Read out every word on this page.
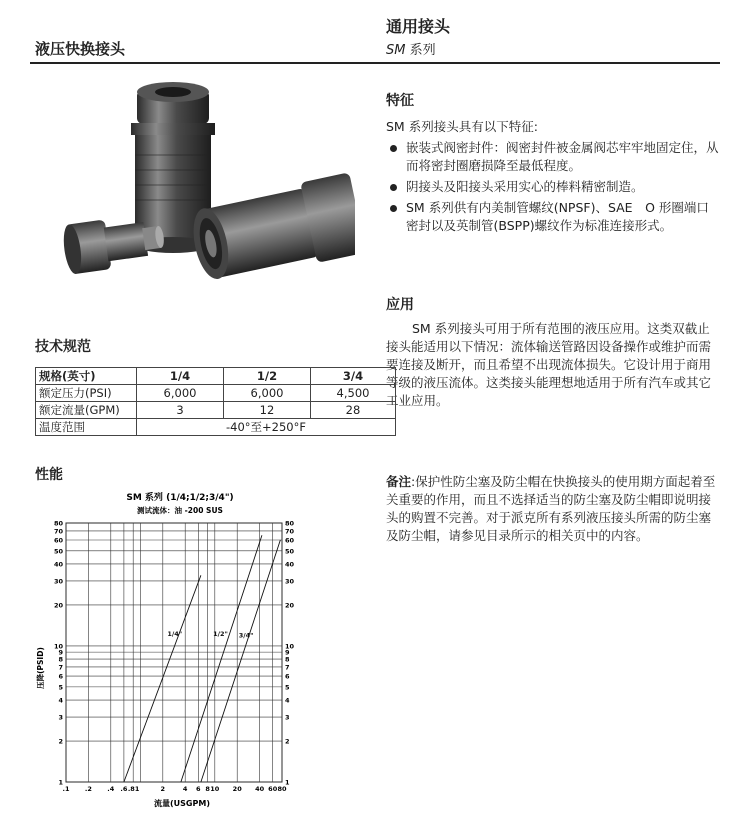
通用接头
SM 系列
液压快换接头
特征
SM 系列接头具有以下特征:
嵌装式阀密封件：阀密封件被金属阀芯牢牢地固定住，从而将密封圈磨损降至最低程度。
阴接头及阳接头采用实心的棒料精密制造。
SM 系列供有内美制管螺纹(NPSF)、SAE　O 形圈端口密封以及英制管(BSPP)螺纹作为标准连接形式。
应用
SM 系列接头可用于所有范围的液压应用。这类双截止接头能适用以下情况：流体输送管路因设备操作或维护而需要连接及断开，而且希望不出现流体损失。它设计用于商用等级的液压流体。这类接头能理想地适用于所有汽车或其它工业应用。
备注:保护性防尘塞及防尘帽在快换接头的使用期方面起着至关重要的作用，而且不选择适当的防尘塞及防尘帽即说明接头的购置不完善。对于派克所有系列液压接头所需的防尘塞及防尘帽，请参见目录所示的相关页中的内容。
技术规范
规格(英寸)	1/4	1/2	3/4
额定压力(PSI)	6,000	6,000	4,500
额定流量(GPM)	3	12	28
温度范围	-40°至+250°F		
性能
SM 系列 (1/4;1/2;3/4")
测试流体：油 -200 SUS
流量(USGPM)
压降(PSID)
1/4"	1/2" 3/4"
.1 .2 .4 .6 .81	2	4 6 8 10 20 40 60 80
1	1
2	2
3	3
4	4
5	5
6	6
7	7
8	8
9	9
10	10
20	20
30	30
40	40
50	50
60	60
70	70
80	80
